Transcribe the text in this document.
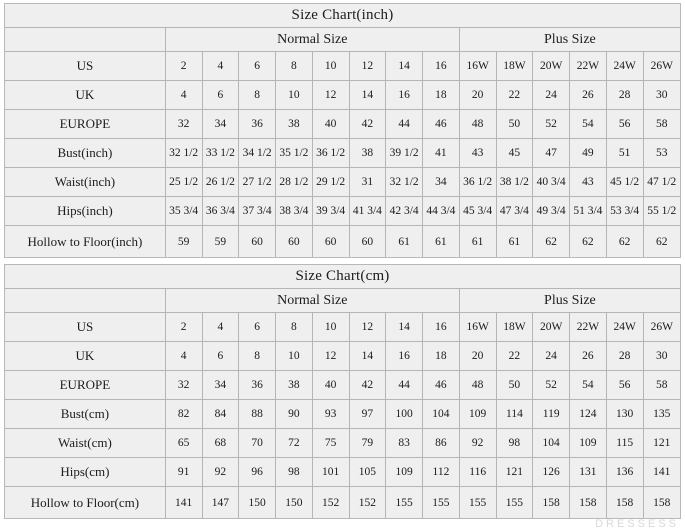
Size Chart(inch)														
	Normal Size								Plus Size					
US	2	4	6	8	10	12	14	16	16W	18W	20W	22W	24W	26W
UK	4	6	8	10	12	14	16	18	20	22	24	26	28	30
EUROPE	32	34	36	38	40	42	44	46	48	50	52	54	56	58
Bust(inch)	32 1/2	33 1/2	34 1/2	35 1/2	36 1/2	38	39 1/2	41	43	45	47	49	51	53
Waist(inch)	25 1/2	26 1/2	27 1/2	28 1/2	29 1/2	31	32 1/2	34	36 1/2	38 1/2	40 3/4	43	45 1/2	47 1/2
Hips(inch)	35 3/4	36 3/4	37 3/4	38 3/4	39 3/4	41 3/4	42 3/4	44 3/4	45 3/4	47 3/4	49 3/4	51 3/4	53 3/4	55 1/2
Hollow to Floor(inch)	59	59	60	60	60	60	61	61	61	61	62	62	62	62
Size Chart(cm)														
	Normal Size								Plus Size					
US	2	4	6	8	10	12	14	16	16W	18W	20W	22W	24W	26W
UK	4	6	8	10	12	14	16	18	20	22	24	26	28	30
EUROPE	32	34	36	38	40	42	44	46	48	50	52	54	56	58
Bust(cm)	82	84	88	90	93	97	100	104	109	114	119	124	130	135
Waist(cm)	65	68	70	72	75	79	83	86	92	98	104	109	115	121
Hips(cm)	91	92	96	98	101	105	109	112	116	121	126	131	136	141
Hollow to Floor(cm)	141	147	150	150	152	152	155	155	155	155	158	158	158	158
DRESSESS
